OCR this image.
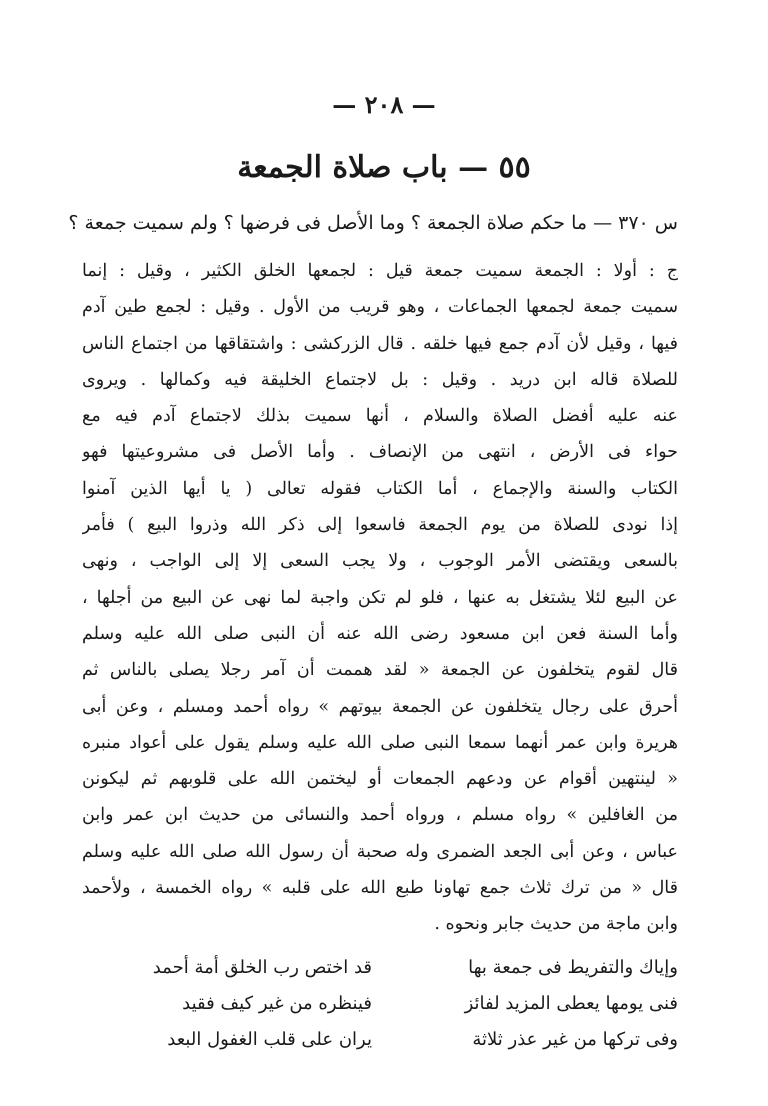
— ٢٠٨ —
٥٥ — باب صلاة الجمعة
س ٣٧٠ — ما حكم صلاة الجمعة ؟ وما الأصل فى فرضها ؟ ولم سميت جمعة ؟
ج : أولا : الجمعة سميت جمعة قيل : لجمعها الخلق الكثير ، وقيل : إنما
سميت جمعة لجمعها الجماعات ، وهو قريب من الأول . وقيل : لجمع طين آدم
فيها ، وقيل لأن آدم جمع فيها خلقه . قال الزركشى : واشتقاقها من اجتماع الناس
للصلاة قاله ابن دريد . وقيل : بل لاجتماع الخليقة فيه وكمالها . ويروى
عنه عليه أفضل الصلاة والسلام ، أنها سميت بذلك لاجتماع آدم فيه مع
حواء فى الأرض ، انتهى من الإنصاف . وأما الأصل فى مشروعيتها فهو
الكتاب والسنة والإجماع ، أما الكتاب فقوله تعالى ( يا أيها الذين آمنوا
إذا نودى للصلاة من يوم الجمعة فاسعوا إلى ذكر الله وذروا البيع ) فأمر
بالسعى ويقتضى الأمر الوجوب ، ولا يجب السعى إلا إلى الواجب ، ونهى
عن البيع لئلا يشتغل به عنها ، فلو لم تكن واجبة لما نهى عن البيع من أجلها ،
وأما السنة فعن ابن مسعود رضى الله عنه أن النبى صلى الله عليه وسلم
قال لقوم يتخلفون عن الجمعة « لقد هممت أن آمر رجلا يصلى بالناس ثم
أحرق على رجال يتخلفون عن الجمعة بيوتهم » رواه أحمد ومسلم ، وعن أبى
هريرة وابن عمر أنهما سمعا النبى صلى الله عليه وسلم يقول على أعواد منبره
« لينتهين أقوام عن ودعهم الجمعات أو ليختمن الله على قلوبهم ثم ليكونن
من الغافلين » رواه مسلم ، ورواه أحمد والنسائى من حديث ابن عمر وابن
عباس ، وعن أبى الجعد الضمرى وله صحبة أن رسول الله صلى الله عليه وسلم
قال « من ترك ثلاث جمع تهاونا طبع الله على قلبه » رواه الخمسة ، ولأحمد
وابن ماجة من حديث جابر ونحوه .
وإياك والتفريط فى جمعة بها
قد اختص رب الخلق أمة أحمد
فنى يومها يعطى المزيد لفائز
فينظره من غير كيف فقيد
وفى تركها من غير عذر ثلاثة
يران على قلب الغفول البعد
